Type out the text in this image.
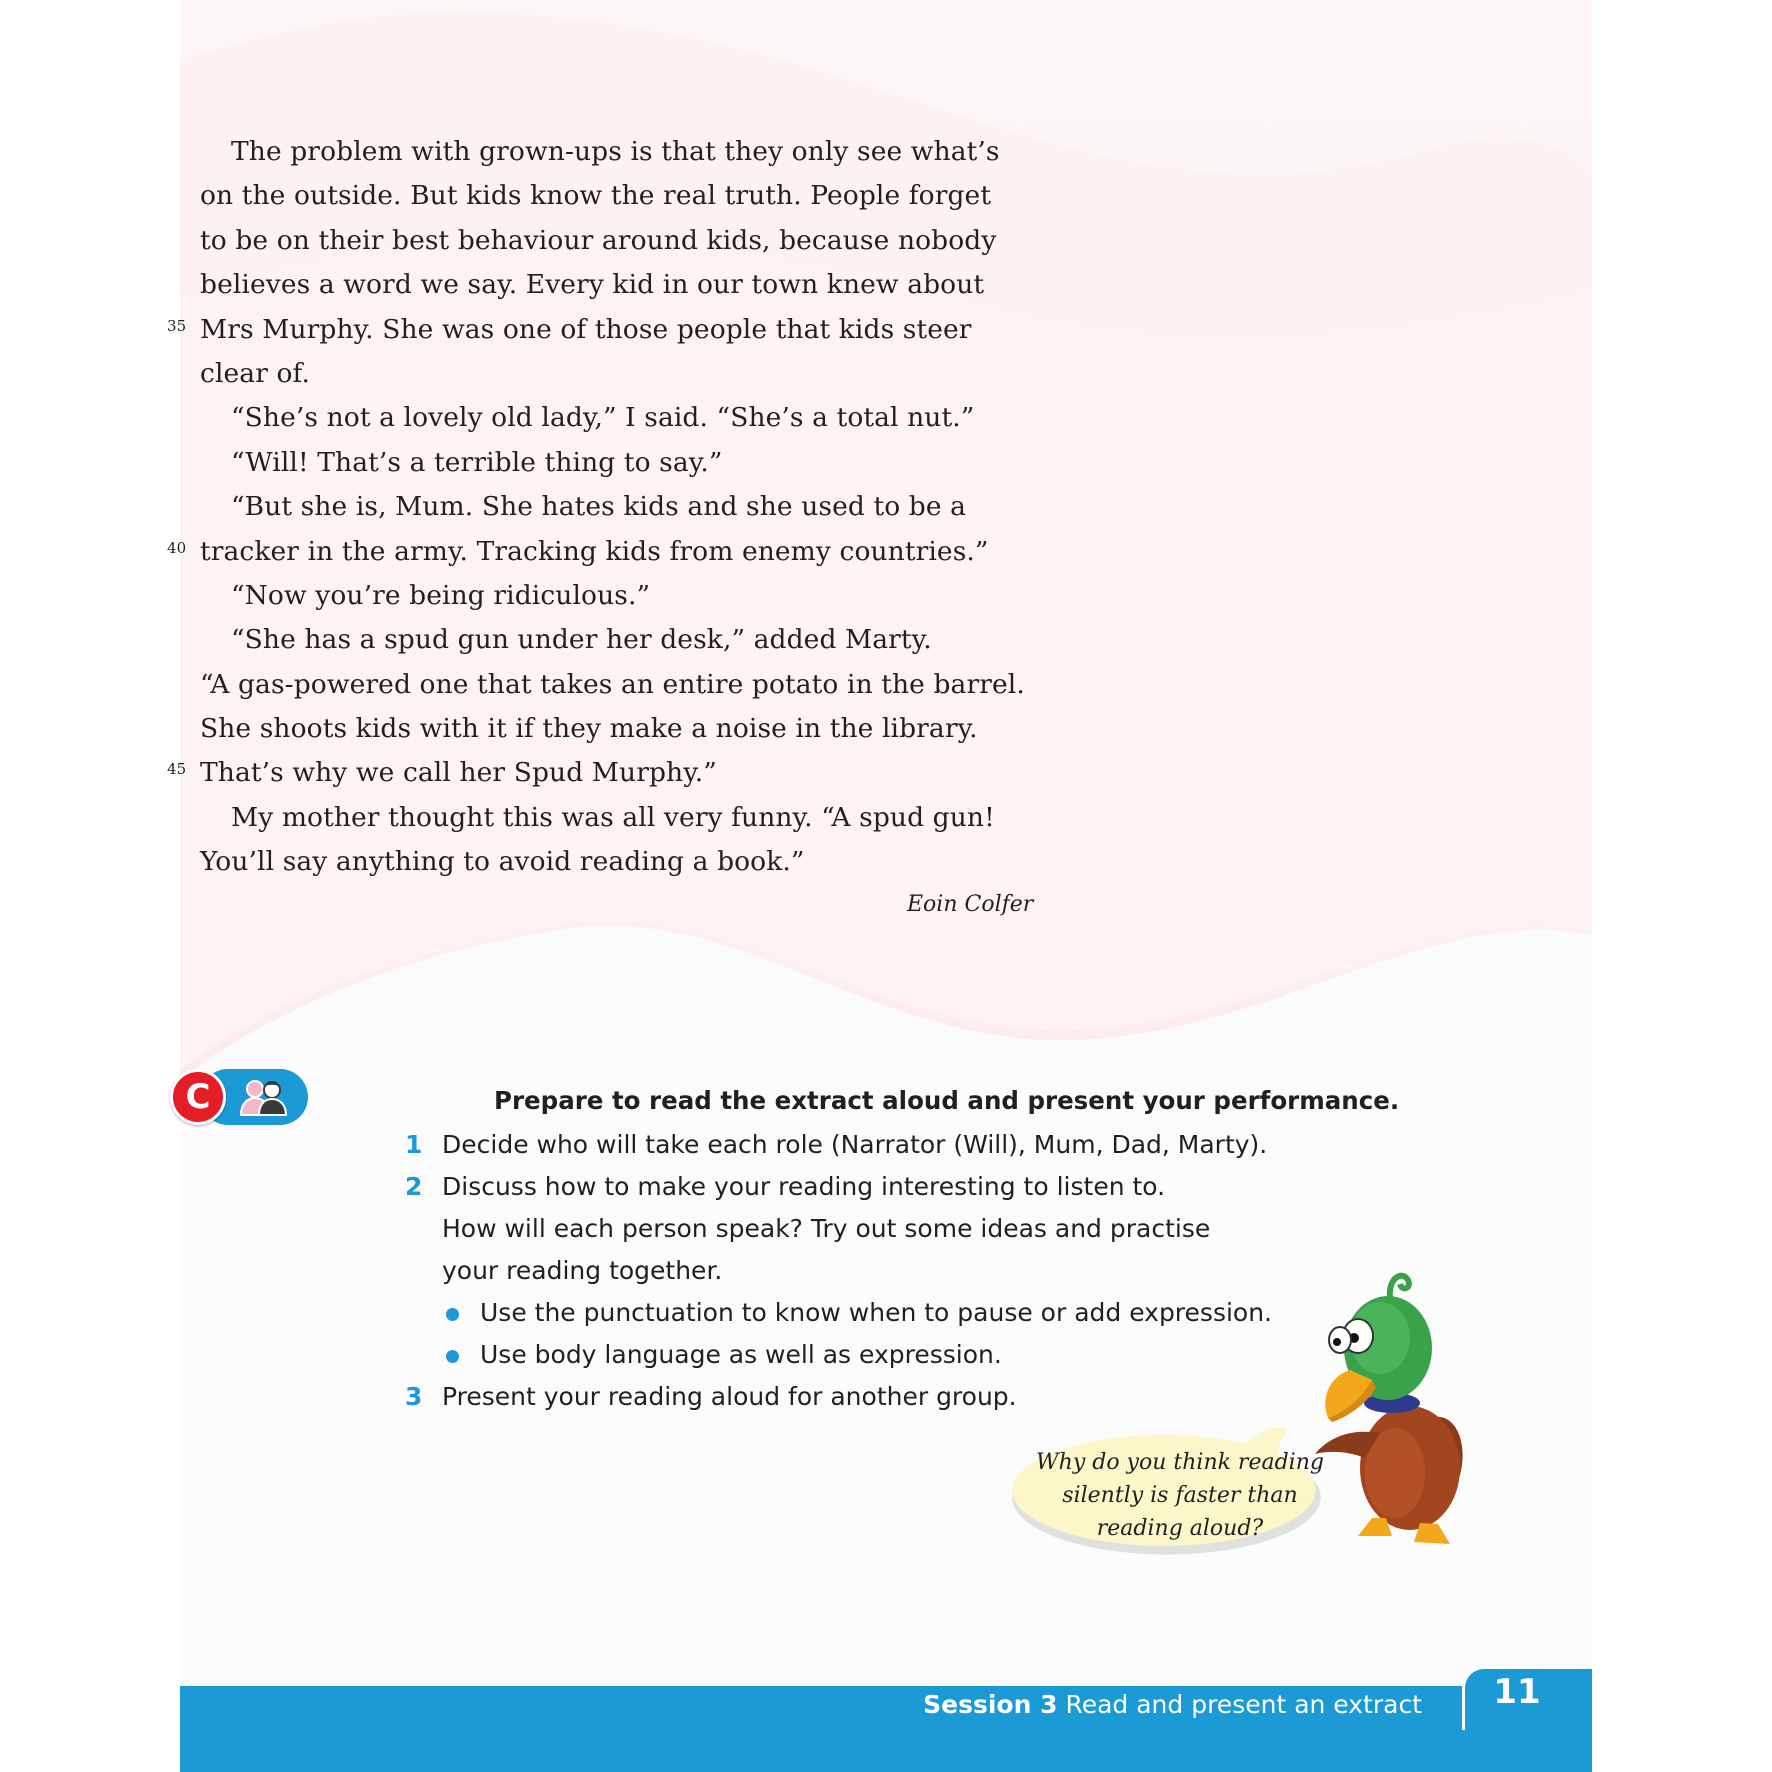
The problem with grown-ups is that they only see what’s
on the outside. But kids know the real truth. People forget
to be on their best behaviour around kids, because nobody
believes a word we say. Every kid in our town knew about
35 Mrs Murphy. She was one of those people that kids steer
clear of.
“She’s not a lovely old lady,” I said. “She’s a total nut.”
“Will! That’s a terrible thing to say.”
“But she is, Mum. She hates kids and she used to be a
40 tracker in the army. Tracking kids from enemy countries.”
“Now you’re being ridiculous.”
“She has a spud gun under her desk,” added Marty.
“A gas-powered one that takes an entire potato in the barrel.
She shoots kids with it if they make a noise in the library.
45 That’s why we call her Spud Murphy.”
My mother thought this was all very funny. “A spud gun!
You’ll say anything to avoid reading a book.”
Eoin Colfer
C	Prepare to read the extract aloud and present your performance.
1 Decide who will take each role (Narrator (Will), Mum, Dad, Marty).
2 Discuss how to make your reading interesting to listen to.
How will each person speak? Try out some ideas and practise
your reading together.
Use the punctuation to know when to pause or add expression.
Use body language as well as expression.
3 Present your reading aloud for another group.
Why do you think reading
silently is faster than
reading aloud?
Session 3 Read and present an extract	11
